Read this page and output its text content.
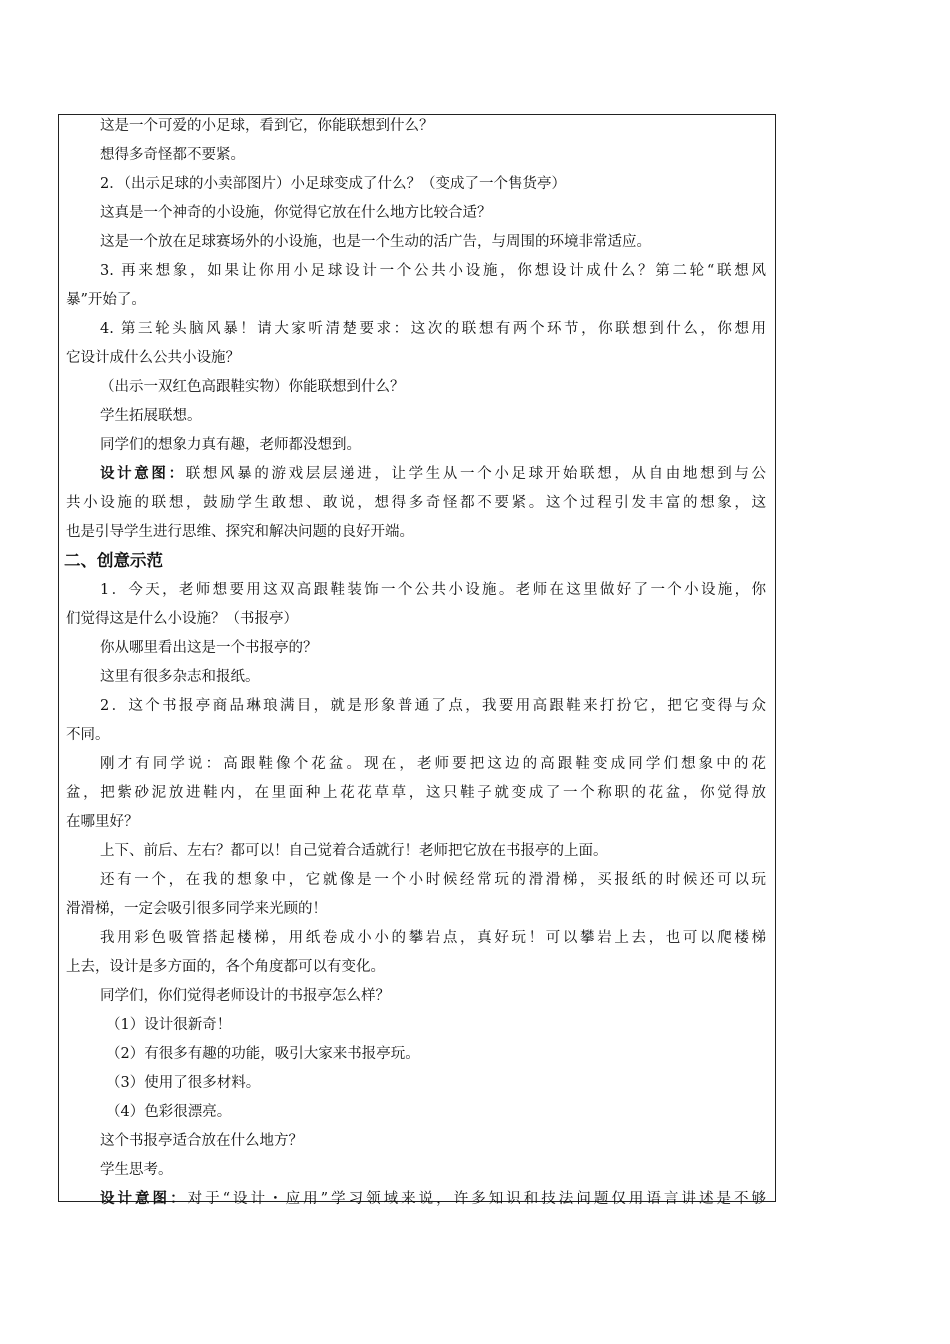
这是一个可爱的小足球，看到它，你能联想到什么？
想得多奇怪都不要紧。
2．（出示足球的小卖部图片）小足球变成了什么？（变成了一个售货亭）
这真是一个神奇的小设施，你觉得它放在什么地方比较合适？
这是一个放在足球赛场外的小设施，也是一个生动的活广告，与周围的环境非常适应。
3. 再来想象，如果让你用小足球设计一个公共小设施，你想设计成什么？第二轮“联想风
暴”开始了。
4. 第三轮头脑风暴！请大家听清楚要求：这次的联想有两个环节，你联想到什么，你想用
它设计成什么公共小设施？
（出示一双红色高跟鞋实物）你能联想到什么？
学生拓展联想。
同学们的想象力真有趣，老师都没想到。
设计意图：联想风暴的游戏层层递进，让学生从一个小足球开始联想，从自由地想到与公
共小设施的联想，鼓励学生敢想、敢说，想得多奇怪都不要紧。这个过程引发丰富的想象，这
也是引导学生进行思维、探究和解决问题的良好开端。
二、创意示范
1．今天，老师想要用这双高跟鞋装饰一个公共小设施。老师在这里做好了一个小设施，你
们觉得这是什么小设施？（书报亭）
你从哪里看出这是一个书报亭的？
这里有很多杂志和报纸。
2．这个书报亭商品琳琅满目，就是形象普通了点，我要用高跟鞋来打扮它，把它变得与众
不同。
刚才有同学说：高跟鞋像个花盆。现在，老师要把这边的高跟鞋变成同学们想象中的花
盆，把紫砂泥放进鞋内，在里面种上花花草草，这只鞋子就变成了一个称职的花盆，你觉得放
在哪里好？
上下、前后、左右？都可以！自己觉着合适就行！老师把它放在书报亭的上面。
还有一个，在我的想象中，它就像是一个小时候经常玩的滑滑梯，买报纸的时候还可以玩
滑滑梯，一定会吸引很多同学来光顾的！
我用彩色吸管搭起楼梯，用纸卷成小小的攀岩点，真好玩！可以攀岩上去，也可以爬楼梯
上去，设计是多方面的，各个角度都可以有变化。
同学们，你们觉得老师设计的书报亭怎么样？
（1）设计很新奇！
（2）有很多有趣的功能，吸引大家来书报亭玩。
（3）使用了很多材料。
（4）色彩很漂亮。
这个书报亭适合放在什么地方？
学生思考。
设计意图：对于“设计・应用”学习领域来说，许多知识和技法问题仅用语言讲述是不够
